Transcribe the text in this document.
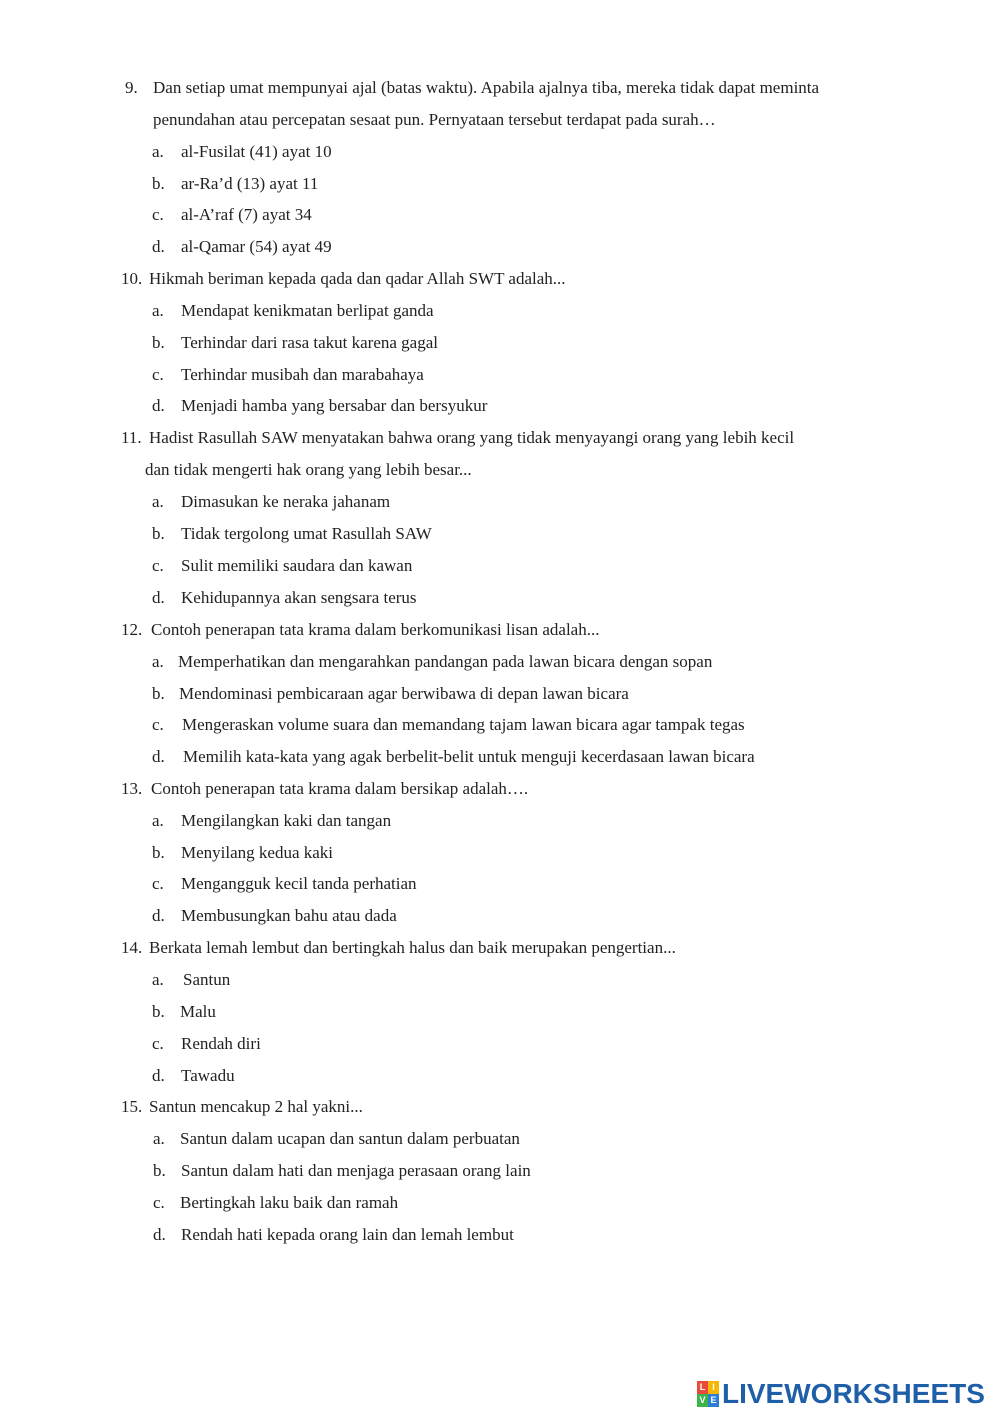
9. Dan setiap umat mempunyai ajal (batas waktu). Apabila ajalnya tiba, mereka tidak dapat meminta
penundahan atau percepatan sesaat pun. Pernyataan tersebut terdapat pada surah…
a. al-Fusilat (41) ayat 10
b. ar-Ra’d (13) ayat 11
c. al-A’raf (7) ayat 34
d. al-Qamar (54) ayat 49
10. Hikmah beriman kepada qada dan qadar Allah SWT adalah...
a. Mendapat kenikmatan berlipat ganda
b. Terhindar dari rasa takut karena gagal
c. Terhindar musibah dan marabahaya
d. Menjadi hamba yang bersabar dan bersyukur
11. Hadist Rasullah SAW menyatakan bahwa orang yang tidak menyayangi orang yang lebih kecil
dan tidak mengerti hak orang yang lebih besar...
a. Dimasukan ke neraka jahanam
b. Tidak tergolong umat Rasullah SAW
c. Sulit memiliki saudara dan kawan
d. Kehidupannya akan sengsara terus
12. Contoh penerapan tata krama dalam berkomunikasi lisan adalah...
a. Memperhatikan dan mengarahkan pandangan pada lawan bicara dengan sopan
b. Mendominasi pembicaraan agar berwibawa di depan lawan bicara
c. Mengeraskan volume suara dan memandang tajam lawan bicara agar tampak tegas
d. Memilih kata-kata yang agak berbelit-belit untuk menguji kecerdasaan lawan bicara
13. Contoh penerapan tata krama dalam bersikap adalah….
a. Mengilangkan kaki dan tangan
b. Menyilang kedua kaki
c. Mengangguk kecil tanda perhatian
d. Membusungkan bahu atau dada
14. Berkata lemah lembut dan bertingkah halus dan baik merupakan pengertian...
a. Santun
b. Malu
c. Rendah diri
d. Tawadu
15. Santun mencakup 2 hal yakni...
a. Santun dalam ucapan dan santun dalam perbuatan
b. Santun dalam hati dan menjaga perasaan orang lain
c. Bertingkah laku baik dan ramah
d. Rendah hati kepada orang lain dan lemah lembut
L I
V E LIVEWORKSHEETS
